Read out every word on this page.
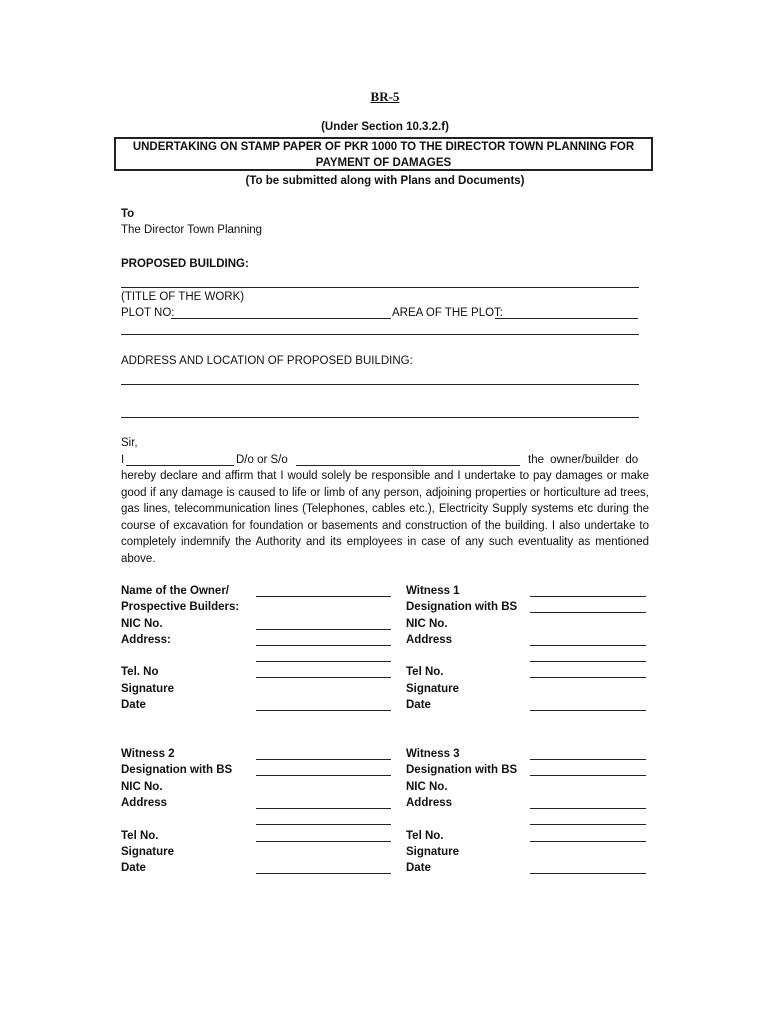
BR-5
(Under Section 10.3.2.f)
UNDERTAKING ON STAMP PAPER OF PKR 1000 TO THE DIRECTOR TOWN PLANNING FOR
PAYMENT OF DAMAGES
(To be submitted along with Plans and Documents)
To
The Director Town Planning
PROPOSED BUILDING:
(TITLE OF THE WORK)
PLOT NO:	AREA OF THE PLOT:
ADDRESS AND LOCATION OF PROPOSED BUILDING:
Sir,
I	D/o or S/o	the owner/builder do
hereby declare and affirm that I would solely be responsible and I undertake to pay damages or make good if any damage is caused to life or limb of any person, adjoining properties or horticulture ad trees, gas lines, telecommunication lines (Telephones, cables etc.), Electricity Supply systems etc during the course of excavation for foundation or basements and construction of the building. I also undertake to completely indemnify the Authority and its employees in case of any such eventuality as mentioned above.
Name of the Owner/
Prospective Builders:
NIC No.
Address:
Tel. No
Signature
Date
Witness 1
Designation with BS
NIC No.
Address
Tel No.
Signature
Date
Witness 2
Designation with BS
NIC No.
Address
Tel No.
Signature
Date
Witness 3
Designation with BS
NIC No.
Address
Tel No.
Signature
Date
